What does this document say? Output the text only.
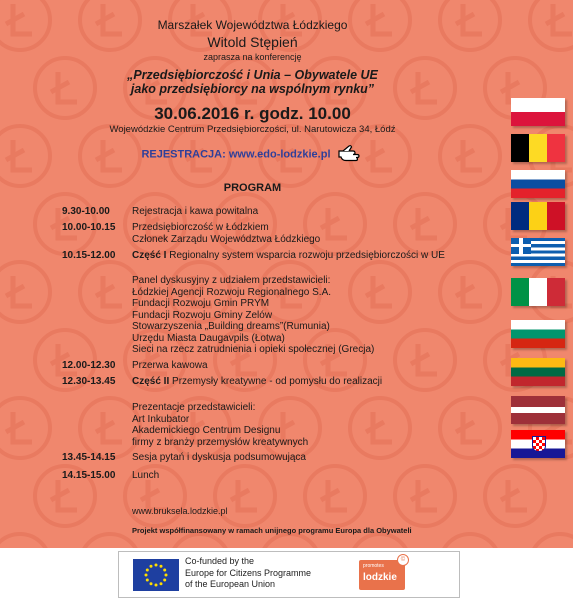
Marszałek Województwa Łódzkiego
Witold Stępień
zaprasza na konferencję
„Przedsiębiorczość i Unia – Obywatele UE
jako przedsiębiorcy na wspólnym rynku”
30.06.2016 r. godz. 10.00
Wojewódzkie Centrum Przedsiębiorczości, ul. Narutowicza 34, Łódź
REJESTRACJA: www.edo-lodzkie.pl
PROGRAM
9.30-10.00	Rejestracja i kawa powitalna
10.00-10.15	Przedsiębiorczość w Łódzkiem
Członek Zarządu Województwa Łódzkiego
10.15-12.00	Część I Regionalny system wsparcia rozwoju przedsiębiorczości w UE
Panel dyskusyjny z udziałem przedstawicieli:
Łódzkiej Agencji Rozwoju Regionalnego S.A.
Fundacji Rozwoju Gmin PRYM
Fundacji Rozwoju Gminy Zelów
Stowarzyszenia „Building dreams”(Rumunia)
Urzędu Miasta Daugavpils (Łotwa)
Sieci na rzecz zatrudnienia i opieki społecznej (Grecja)
12.00-12.30	Przerwa kawowa
12.30-13.45	Część II Przemysły kreatywne - od pomysłu do realizacji
Prezentacje przedstawicieli:
Art Inkubator
Akademickiego Centrum Designu
firmy z branży przemysłów kreatywnych
13.45-14.15	Sesja pytań i dyskusja podsumowująca
14.15-15.00	Lunch
www.bruksela.lodzkie.pl
Projekt współfinansowany w ramach unijnego programu Europa dla Obywateli
Co-funded by the
Europe for Citizens Programme
of the European Union
promotes
lodzkie
©
